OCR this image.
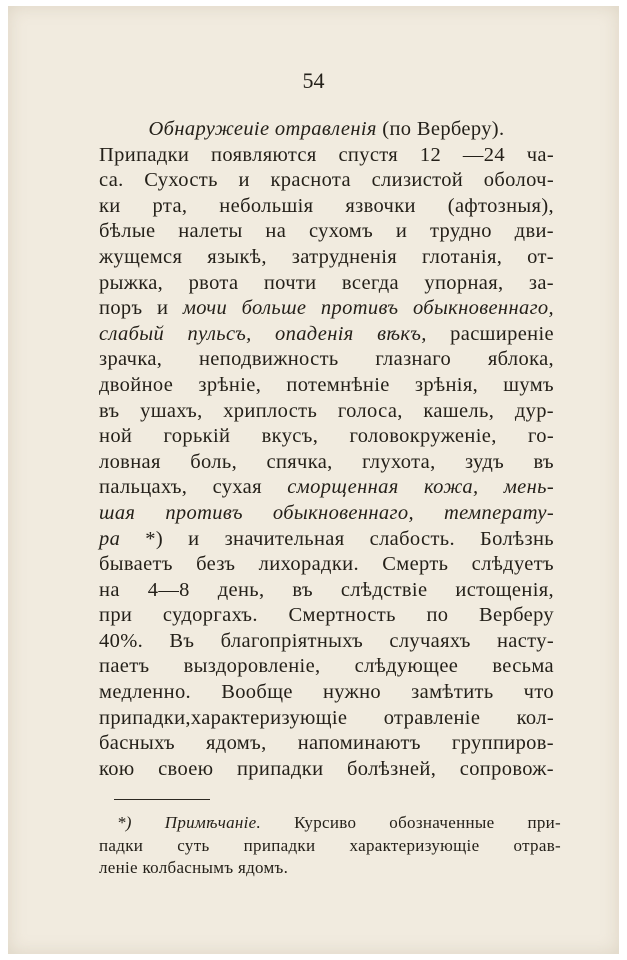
54
Обнаружеиіе отравленія (по Верберу).
Припадки появляются спустя 12 —24 ча-
са. Сухость и краснота слизистой оболоч-
ки рта, небольшія язвочки (афтозныя),
бѣлые налеты на сухомъ и трудно дви-
жущемся языкѣ, затрудненія глотанія, от-
рыжка, рвота почти всегда упорная, за-
поръ и мочи больше противъ обыкновеннаго,
слабый пульсъ, опаденія вѣкъ, расширеніе
зрачка, неподвижность глазнаго яблока,
двойное зрѣніе, потемнѣніе зрѣнія, шумъ
въ ушахъ, хриплость голоса, кашель, дур-
ной горькій вкусъ, головокруженіе, го-
ловная боль, спячка, глухота, зудъ въ
пальцахъ, сухая сморщенная кожа, мень-
шая противъ обыкновеннаго, температу-
ра *) и значительная слабость. Болѣзнь
бываетъ безъ лихорадки. Смерть слѣдуетъ
на 4—8 день, въ слѣдствіе истощенія,
при судоргахъ. Смертность по Верберу
40%. Въ благопріятныхъ случаяхъ насту-
паетъ выздоровленіе, слѣдующее весьма
медленно. Вообще нужно замѣтить что
припадки,характеризующіе отравленіе кол-
басныхъ ядомъ, напоминаютъ группиров-
кою своею припадки болѣзней, сопровож-
*) Примѣчаніе. Курсиво обозначенные при-
падки суть припадки характеризующіе отрав-
леніе колбаснымъ ядомъ.
